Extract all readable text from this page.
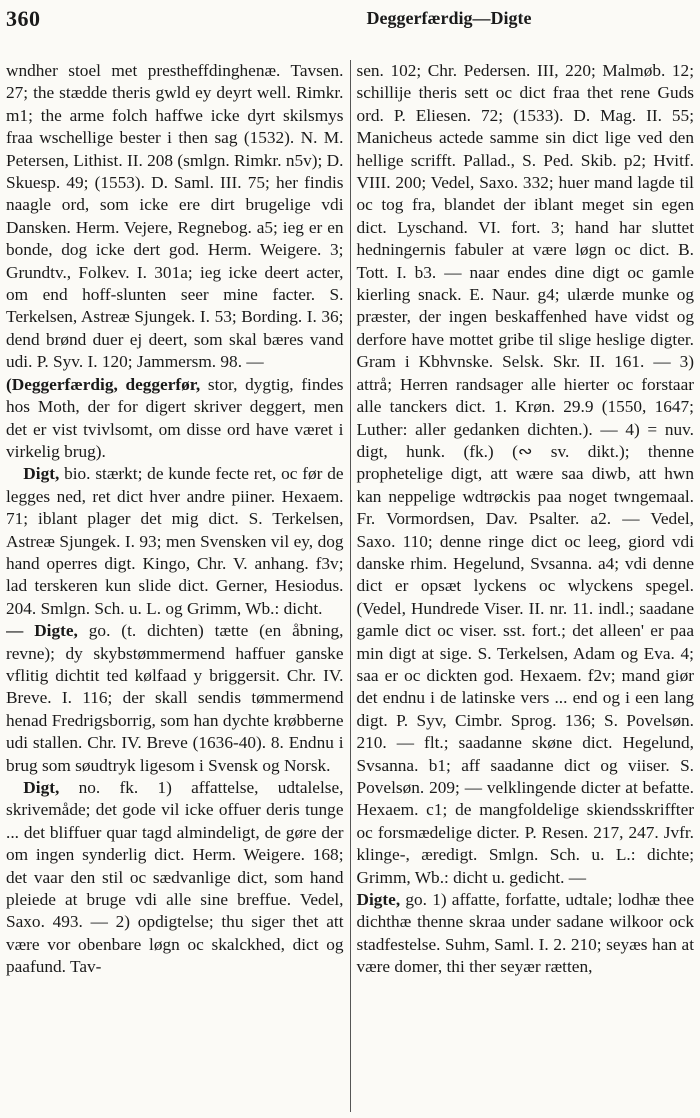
360	Deggerfærdig—Digte

wndher stoel met prestheffdinghenæ. Tavsen. 27; the stædde theris gwld ey deyrt well. Rimkr. m1; the arme folch haffwe icke dyrt skilsmys fraa wschellige bester i then sag (1532). N. M. Petersen, Lithist. II. 208 (smlgn. Rimkr. n5v); D. Skuesp. 49; (1553). D. Saml. III. 75; her findis naagle ord, som icke ere dirt brugelige vdi Dansken. Herm. Vejere, Regnebog. a5; ieg er en bonde, dog icke dert god. Herm. Weigere. 3; Grundtv., Folkev. I. 301a; ieg icke deert acter, om end hoff-slunten seer mine facter. S. Terkelsen, Astreæ Sjungek. I. 53; Bording. I. 36; dend brønd duer ej deert, som skal bæres vand udi. P. Syv. I. 120; Jammersm. 98. —

(Deggerfærdig, deggerfør, stor, dygtig, findes hos Moth, der for digert skriver deggert, men det er vist tvivlsomt, om disse ord have været i virkelig brug).

 Digt, bio. stærkt; de kunde fecte ret, oc før de legges ned, ret dict hver andre piiner. Hexaem. 71; iblant plager det mig dict. S. Terkelsen, Astreæ Sjungek. I. 93; men Svensken vil ey, dog hand operres digt. Kingo, Chr. V. anhang. f3v; lad terskeren kun slide dict. Gerner, Hesiodus. 204. Smlgn. Sch. u. L. og Grimm, Wb.: dicht.

— Digte, go. (t. dichten) tætte (en åbning, revne); dy skybstømmermend haffuer ganske vflitig dichtit ted kølfaad y briggersit. Chr. IV. Breve. I. 116; der skall sendis tømmermend henad Fredrigsborrig, som han dychte krøbberne udi stallen. Chr. IV. Breve (1636-40). 8. Endnu i brug som søudtryk ligesom i Svensk og Norsk.

 Digt, no. fk. 1) affattelse, udtalelse, skrivemåde; det gode vil icke offuer deris tunge ... det bliffuer quar tagd almindeligt, de gøre der om ingen synderlig dict. Herm. Weigere. 168; det vaar den stil oc sædvanlige dict, som hand pleiede at bruge vdi alle sine breffue. Vedel, Saxo. 493. — 2) opdigtelse; thu siger thet att være vor obenbare løgn oc skalckhed, dict og paafund. Tav-

sen. 102; Chr. Pedersen. III, 220; Malmøb. 12; schillije theris sett oc dict fraa thet rene Guds ord. P. Eliesen. 72; (1533). D. Mag. II. 55; Manicheus actede samme sin dict lige ved den hellige scrifft. Pallad., S. Ped. Skib. p2; Hvitf. VIII. 200; Vedel, Saxo. 332; huer mand lagde til oc tog fra, blandet der iblant meget sin egen dict. Lyschand. VI. fort. 3; hand har sluttet hedningernis fabuler at være løgn oc dict. B. Tott. I. b3. — naar endes dine digt oc gamle kierling snack. E. Naur. g4; ulærde munke og præster, der ingen beskaffenhed have vidst og derfore have mottet gribe til slige heslige digter. Gram i Kbhvnske. Selsk. Skr. II. 161. — 3) attrå; Herren randsager alle hierter oc forstaar alle tanckers dict. 1. Krøn. 29.9 (1550, 1647; Luther: aller gedanken dichten.). — 4) = nuv. digt, hunk. (fk.) (∾ sv. dikt.); thenne prophetelige digt, att wære saa diwb, att hwn kan neppelige wdtrøckis paa noget twngemaal. Fr. Vormordsen, Dav. Psalter. a2. — Vedel, Saxo. 110; denne ringe dict oc leeg, giord vdi danske rhim. Hegelund, Svsanna. a4; vdi denne dict er opsæt lyckens oc wlyckens spegel. (Vedel, Hundrede Viser. II. nr. 11. indl.; saadane gamle dict oc viser. sst. fort.; det alleen' er paa min digt at sige. S. Terkelsen, Adam og Eva. 4; saa er oc dickten god. Hexaem. f2v; mand giør det endnu i de latinske vers ... end og i een lang digt. P. Syv, Cimbr. Sprog. 136; S. Povelsøn. 210. — flt.; saadanne skøne dict. Hegelund, Svsanna. b1; aff saadanne dict og viiser. S. Povelsøn. 209; — velklingende dicter at befatte. Hexaem. c1; de mangfoldelige skiendsskriffter oc forsmædelige dicter. P. Resen. 217, 247. Jvfr. klinge-, æredigt. Smlgn. Sch. u. L.: dichte; Grimm, Wb.: dicht u. gedicht. —

Digte, go. 1) affatte, forfatte, udtale; lodhæ thee dichthæ thenne skraa under sadane wilkoor ock stadfestelse. Suhm, Saml. I. 2. 210; seyæs han at være domer, thi ther seyær rætten,
